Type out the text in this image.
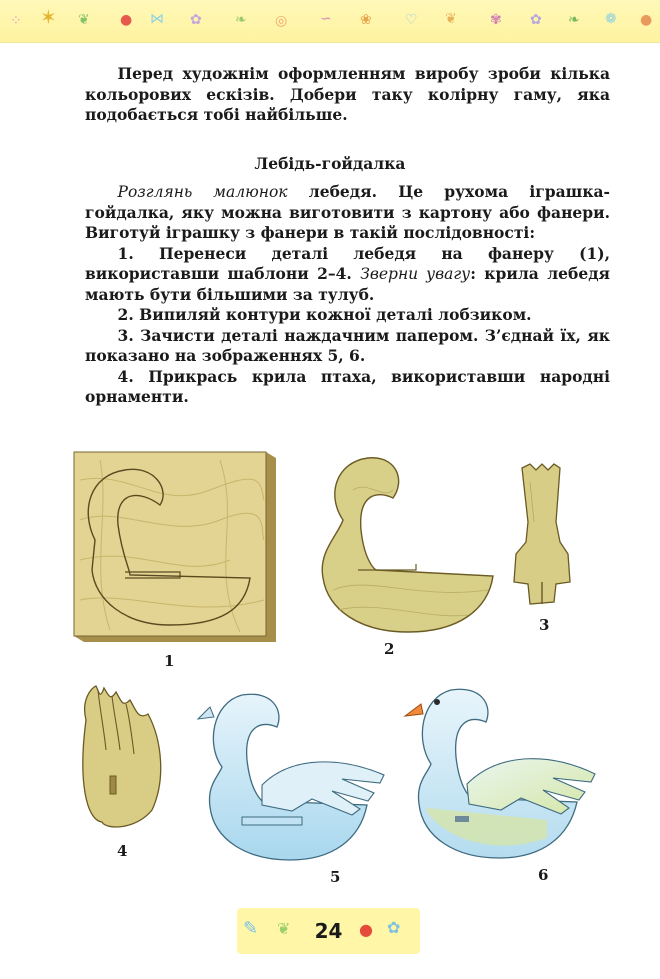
⁘ ✶ ❦ ● ⋈ ✿ ❧ ◎ ∽ ❀ ♡ ❦ ✾ ✿ ❧ ❁ ●

Перед художнім оформленням виробу зроби кілька кольорових ескізів. Добери таку колірну гаму, яка подобається тобі найбільше.

Лебідь-гойдалка

Розглянь малюнок лебедя. Це рухома іграшка-гойдалка, яку можна виготовити з картону або фанери. Виготуй іграшку з фанери в такій послідовності:

1. Перенеси деталі лебедя на фанеру (1), використавши шаблони 2–4. Зверни увагу: крила лебедя мають бути більшими за тулуб.

2. Випиляй контури кожної деталі лобзиком.

3. Зачисти деталі наждачним папером. З’єднай їх, як показано на зображеннях 5, 6.

4. Прикрась крила птаха, використавши народні орнаменти.

1
2
3
4
5	6
✎ ❦	24	● ✿
